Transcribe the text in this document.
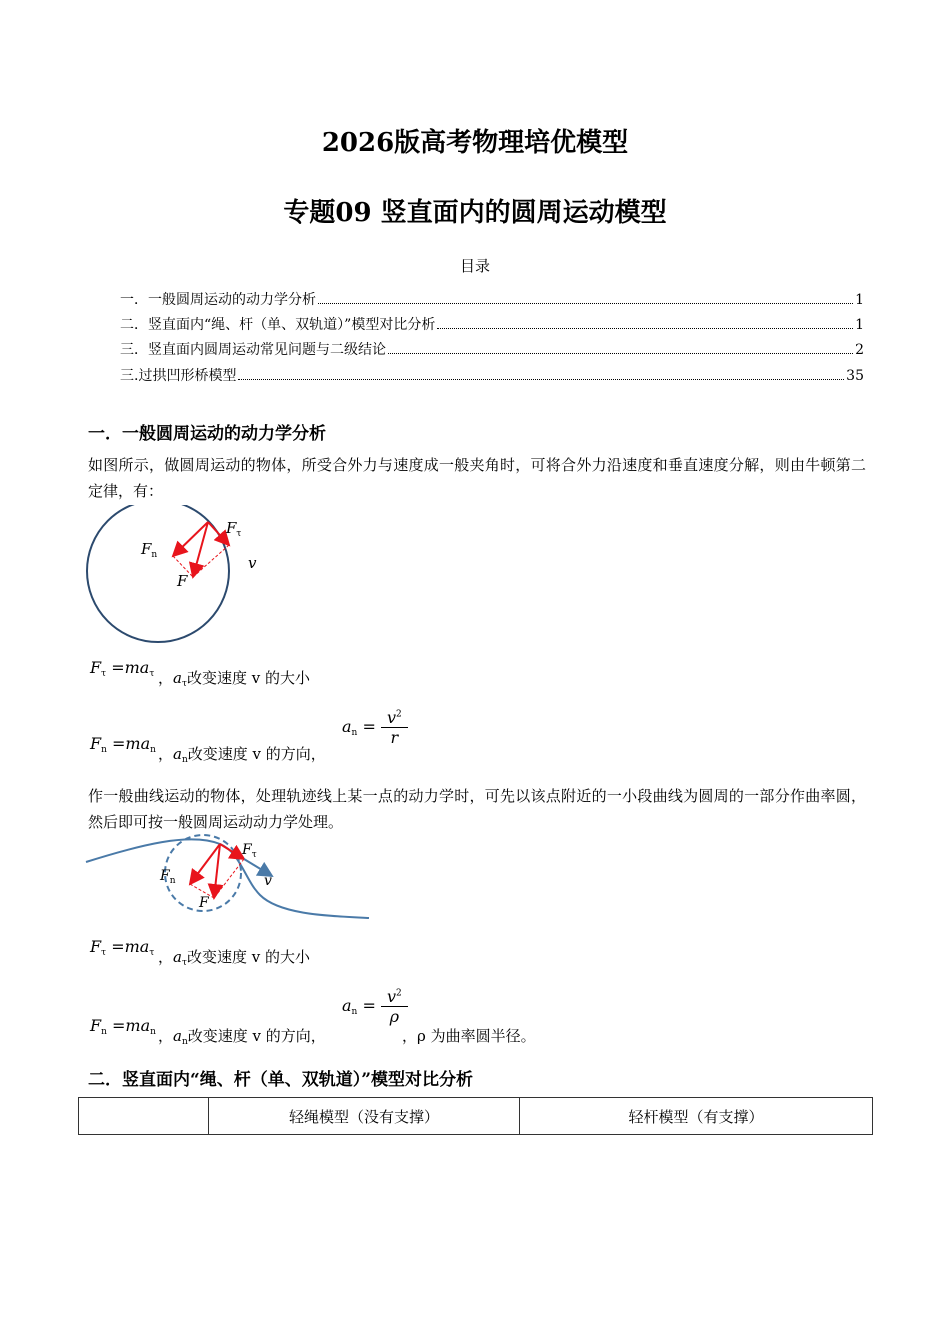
2026版高考物理培优模型
专题09 竖直面内的圆周运动模型
目录
一．一般圆周运动的动力学分析	1
二．竖直面内“绳、杆（单、双轨道）”模型对比分析	1
三．竖直面内圆周运动常见问题与二级结论	2
三.过拱凹形桥模型	35
一．一般圆周运动的动力学分析
如图所示，做圆周运动的物体，所受合外力与速度成一般夹角时，可将合外力沿速度和垂直速度分解，则由牛顿第二定律，有：
$F_n$
F
$F_\tau$
v
$F_\tau =ma_\tau$ ，$a_\tau$改变速度 v 的大小
$F_n =ma_n$ ，$a_n$改变速度 v 的方向，
$a_n = \frac{v^2}{r}$
作一般曲线运动的物体，处理轨迹线上某一点的动力学时，可先以该点附近的一小段曲线为圆周的一部分作曲率圆，然后即可按一般圆周运动动力学处理。
$F_n$
F
$F_\tau$
v
$F_\tau =ma_\tau$ ，$a_\tau$改变速度 v 的大小
$F_n =ma_n$ ，$a_n$改变速度 v 的方向，
$a_n = \frac{v^2}{\rho}$
，ρ 为曲率圆半径。
二．竖直面内“绳、杆（单、双轨道）”模型对比分析
	轻绳模型（没有支撑）	轻杆模型（有支撑）
